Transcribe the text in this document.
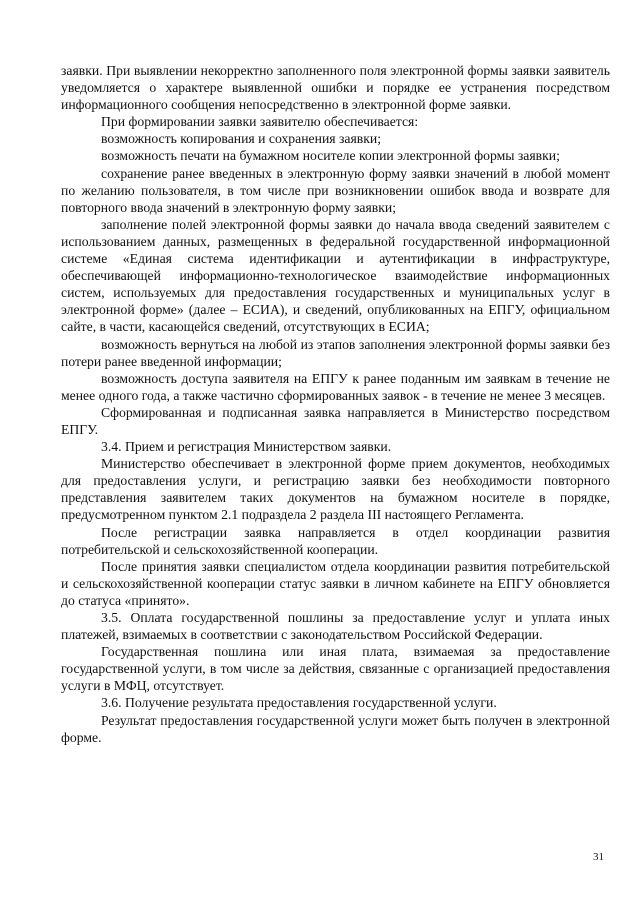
заявки. При выявлении некорректно заполненного поля электронной формы заявки заявитель уведомляется о характере выявленной ошибки и порядке ее устранения посредством информационного сообщения непосредственно в электронной форме заявки.

При формировании заявки заявителю обеспечивается:

возможность копирования и сохранения заявки;

возможность печати на бумажном носителе копии электронной формы заявки;

сохранение ранее введенных в электронную форму заявки значений в любой момент по желанию пользователя, в том числе при возникновении ошибок ввода и возврате для повторного ввода значений в электронную форму заявки;

заполнение полей электронной формы заявки до начала ввода сведений заявителем с использованием данных, размещенных в федеральной государственной информационной системе «Единая система идентификации и аутентификации в инфраструктуре, обеспечивающей информационно-технологическое взаимодействие информационных систем, используемых для предоставления государственных и муниципальных услуг в электронной форме» (далее – ЕСИА), и сведений, опубликованных на ЕПГУ, официальном сайте, в части, касающейся сведений, отсутствующих в ЕСИА;

возможность вернуться на любой из этапов заполнения электронной формы заявки без потери ранее введенной информации;

возможность доступа заявителя на ЕПГУ к ранее поданным им заявкам в течение не менее одного года, а также частично сформированных заявок - в течение не менее 3 месяцев.

Сформированная и подписанная заявка направляется в Министерство посредством ЕПГУ.

3.4. Прием и регистрация Министерством заявки.

Министерство обеспечивает в электронной форме прием документов, необходимых для предоставления услуги, и регистрацию заявки без необходимости повторного представления заявителем таких документов на бумажном носителе в порядке, предусмотренном пунктом 2.1 подраздела 2 раздела III настоящего Регламента.

После регистрации заявка направляется в отдел координации развития потребительской и сельскохозяйственной кооперации.

После принятия заявки специалистом отдела координации развития потребительской и сельскохозяйственной кооперации статус заявки в личном кабинете на ЕПГУ обновляется до статуса «принято».

3.5. Оплата государственной пошлины за предоставление услуг и уплата иных платежей, взимаемых в соответствии с законодательством Российской Федерации.

Государственная пошлина или иная плата, взимаемая за предоставление государственной услуги, в том числе за действия, связанные с организацией предоставления услуги в МФЦ, отсутствует.

3.6. Получение результата предоставления государственной услуги.

Результат предоставления государственной услуги может быть получен в электронной форме.

31
